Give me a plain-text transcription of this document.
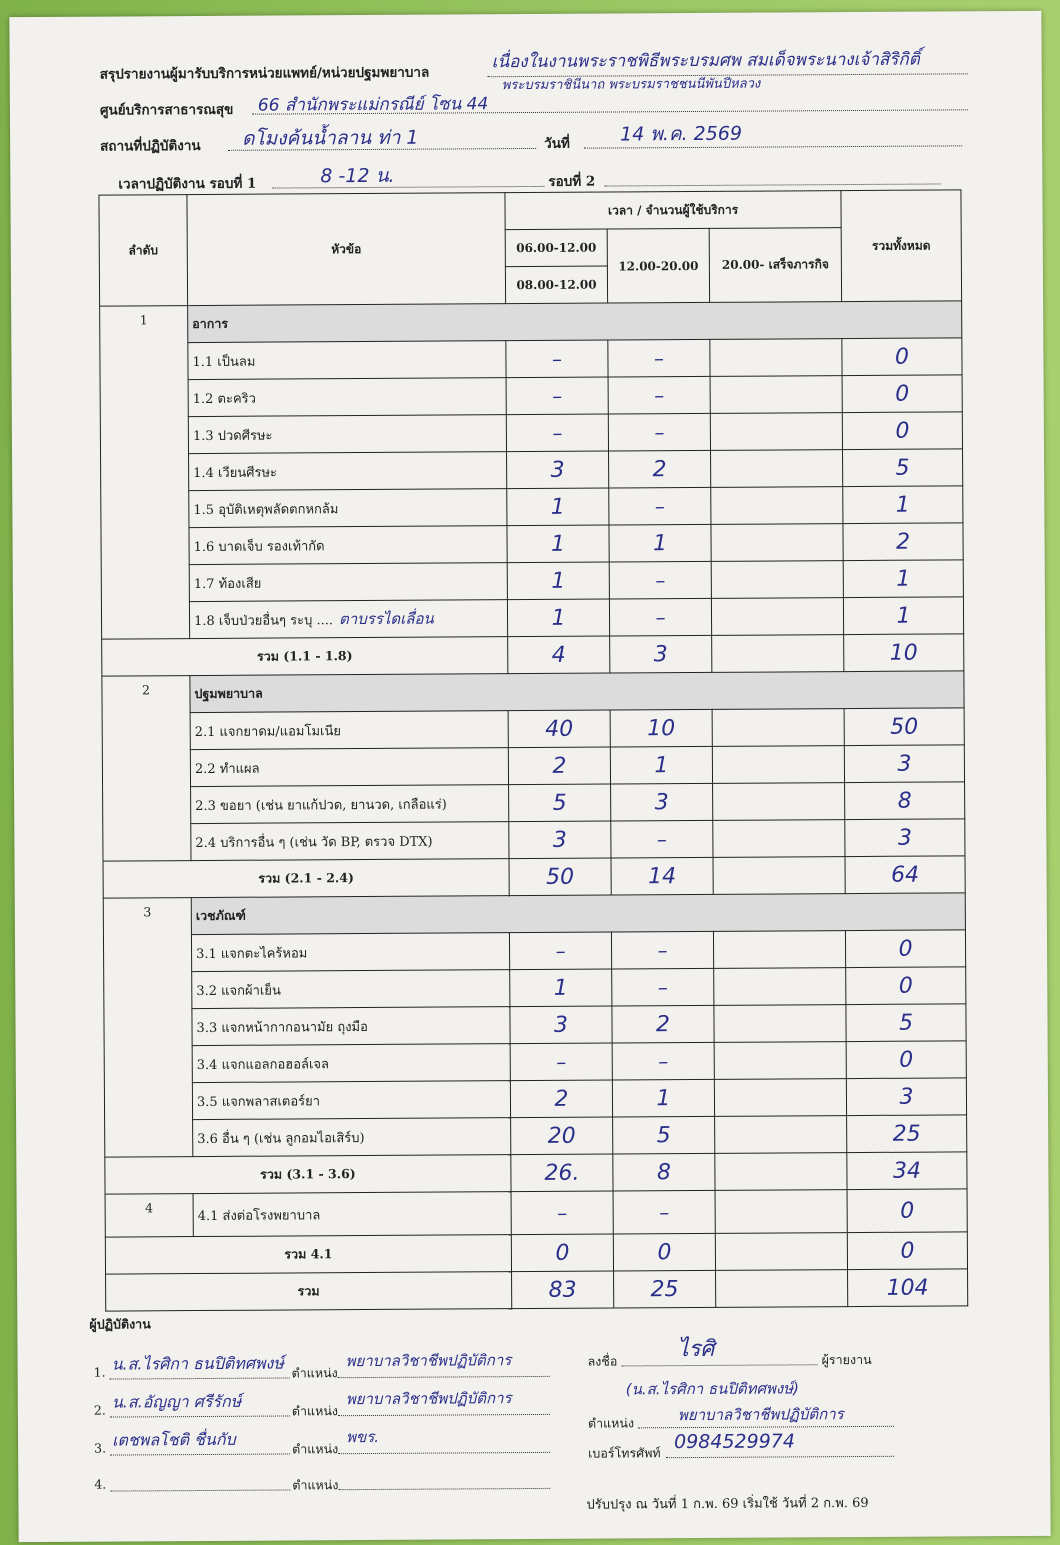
สรุปรายงานผู้มารับบริการหน่วยแพทย์/หน่วยปฐมพยาบาล
เนื่องในงานพระราชพิธีพระบรมศพ สมเด็จพระนางเจ้าสิริกิติ์
พระบรมราชินีนาถ พระบรมราชชนนีพันปีหลวง
ศูนย์บริการสาธารณสุข 66 สำนักพระแม่กรณีย์ โซน 44
สถานที่ปฏิบัติงาน ดโมงค้นน้ำลาน ท่า 1	วันที่	14 พ.ค. 2569
เวลาปฏิบัติงาน รอบที่ 1	8 -12 น.	รอบที่ 2
ลำดับ	หัวข้อ	เวลา / จำนวนผู้ใช้บริการ			รวมทั้งหมด
		06.00-12.00	12.00-20.00	20.00- เสร็จภารกิจ	
		08.00-12.00			
1	อาการ				
	1.1 เป็นลม	–	–		0
	1.2 ตะคริว	–	–		0
	1.3 ปวดศีรษะ	–	–		0
	1.4 เวียนศีรษะ	3	2		5
	1.5 อุบัติเหตุพลัดตกหกล้ม	1	–		1
	1.6 บาดเจ็บ รองเท้ากัด	1	1		2
	1.7 ท้องเสีย	1	–		1
	1.8 เจ็บป่วยอื่นๆ ระบุ .... ตาบรรไดเลื่อน	1	–		1
รวม (1.1 - 1.8)		4	3		10
2	ปฐมพยาบาล				
	2.1 แจกยาดม/แอมโมเนีย	40	10		50
	2.2 ทำแผล	2	1		3
	2.3 ขอยา (เช่น ยาแก้ปวด, ยานวด, เกลือแร่)	5	3		8
	2.4 บริการอื่น ๆ (เช่น วัด BP, ตรวจ DTX)	3	–		3
รวม (2.1 - 2.4)		50	14		64
3	เวชภัณฑ์				
	3.1 แจกตะไคร้หอม	–	–		0
	3.2 แจกผ้าเย็น	1	–		0
	3.3 แจกหน้ากากอนามัย ถุงมือ	3	2		5
	3.4 แจกแอลกอฮอล์เจล	–	–		0
	3.5 แจกพลาสเตอร์ยา	2	1		3
	3.6 อื่น ๆ (เช่น ลูกอมไอเสิร์บ)	20	5		25
รวม (3.1 - 3.6)		26.	8		34
4	4.1 ส่งต่อโรงพยาบาล	–	–		0
รวม 4.1		0	0		0
รวม		83	25		104
ผู้ปฏิบัติงาน
1. น.ส.ไรศิกา ธนปิติทศพงษ์ ตำแหน่ง
พยาบาลวิชาชีพปฏิบัติการ
2. น.ส.อัญญา ศรีรักษ์	ตำแหน่ง
พยาบาลวิชาชีพปฏิบัติการ
3. เตชพลโชติ ชื่นกับ	ตำแหน่ง
พขร.
4.	ตำแหน่ง
ลงชื่อ	ไรศิ	ผู้รายงาน
(น.ส.ไรศิกา ธนปิติทศพงษ์)
ตำแหน่ง	พยาบาลวิชาชีพปฏิบัติการ
เบอร์โทรศัพท์ 0984529974
ปรับปรุง ณ วันที่ 1 ก.พ. 69 เริ่มใช้ วันที่ 2 ก.พ. 69
